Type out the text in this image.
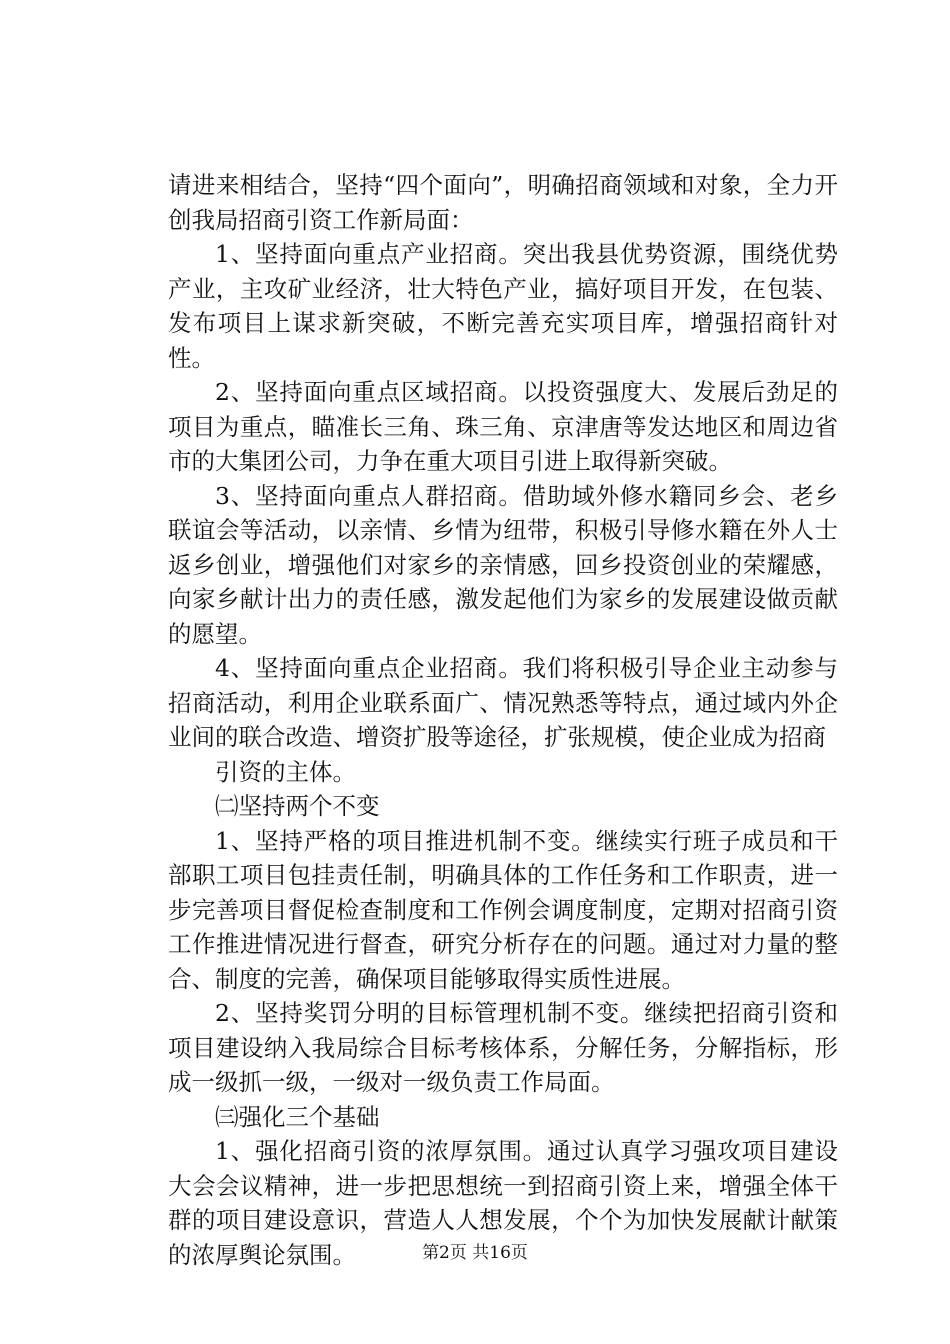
请进来相结合，坚持“四个面向”，明确招商领域和对象，全力开创我局招商引资工作新局面：

1、坚持面向重点产业招商。突出我县优势资源，围绕优势产业，主攻矿业经济，壮大特色产业，搞好项目开发，在包装、发布项目上谋求新突破，不断完善充实项目库，增强招商针对性。

2、坚持面向重点区域招商。以投资强度大、发展后劲足的项目为重点，瞄准长三角、珠三角、京津唐等发达地区和周边省市的大集团公司，力争在重大项目引进上取得新突破。

3、坚持面向重点人群招商。借助域外修水籍同乡会、老乡联谊会等活动，以亲情、乡情为纽带，积极引导修水籍在外人士返乡创业，增强他们对家乡的亲情感，回乡投资创业的荣耀感，向家乡献计出力的责任感，激发起他们为家乡的发展建设做贡献的愿望。

4、坚持面向重点企业招商。我们将积极引导企业主动参与招商活动，利用企业联系面广、情况熟悉等特点，通过域内外企业间的联合改造、增资扩股等途径，扩张规模，使企业成为招商

引资的主体。

㈡坚持两个不变

1、坚持严格的项目推进机制不变。继续实行班子成员和干部职工项目包挂责任制，明确具体的工作任务和工作职责，进一步完善项目督促检查制度和工作例会调度制度，定期对招商引资工作推进情况进行督查，研究分析存在的问题。通过对力量的整合、制度的完善，确保项目能够取得实质性进展。

2、坚持奖罚分明的目标管理机制不变。继续把招商引资和项目建设纳入我局综合目标考核体系，分解任务，分解指标，形成一级抓一级，一级对一级负责工作局面。

㈢强化三个基础

1、强化招商引资的浓厚氛围。通过认真学习强攻项目建设大会会议精神，进一步把思想统一到招商引资上来，增强全体干群的项目建设意识，营造人人想发展，个个为加快发展献计献策的浓厚舆论氛围。	第2页 共16页
